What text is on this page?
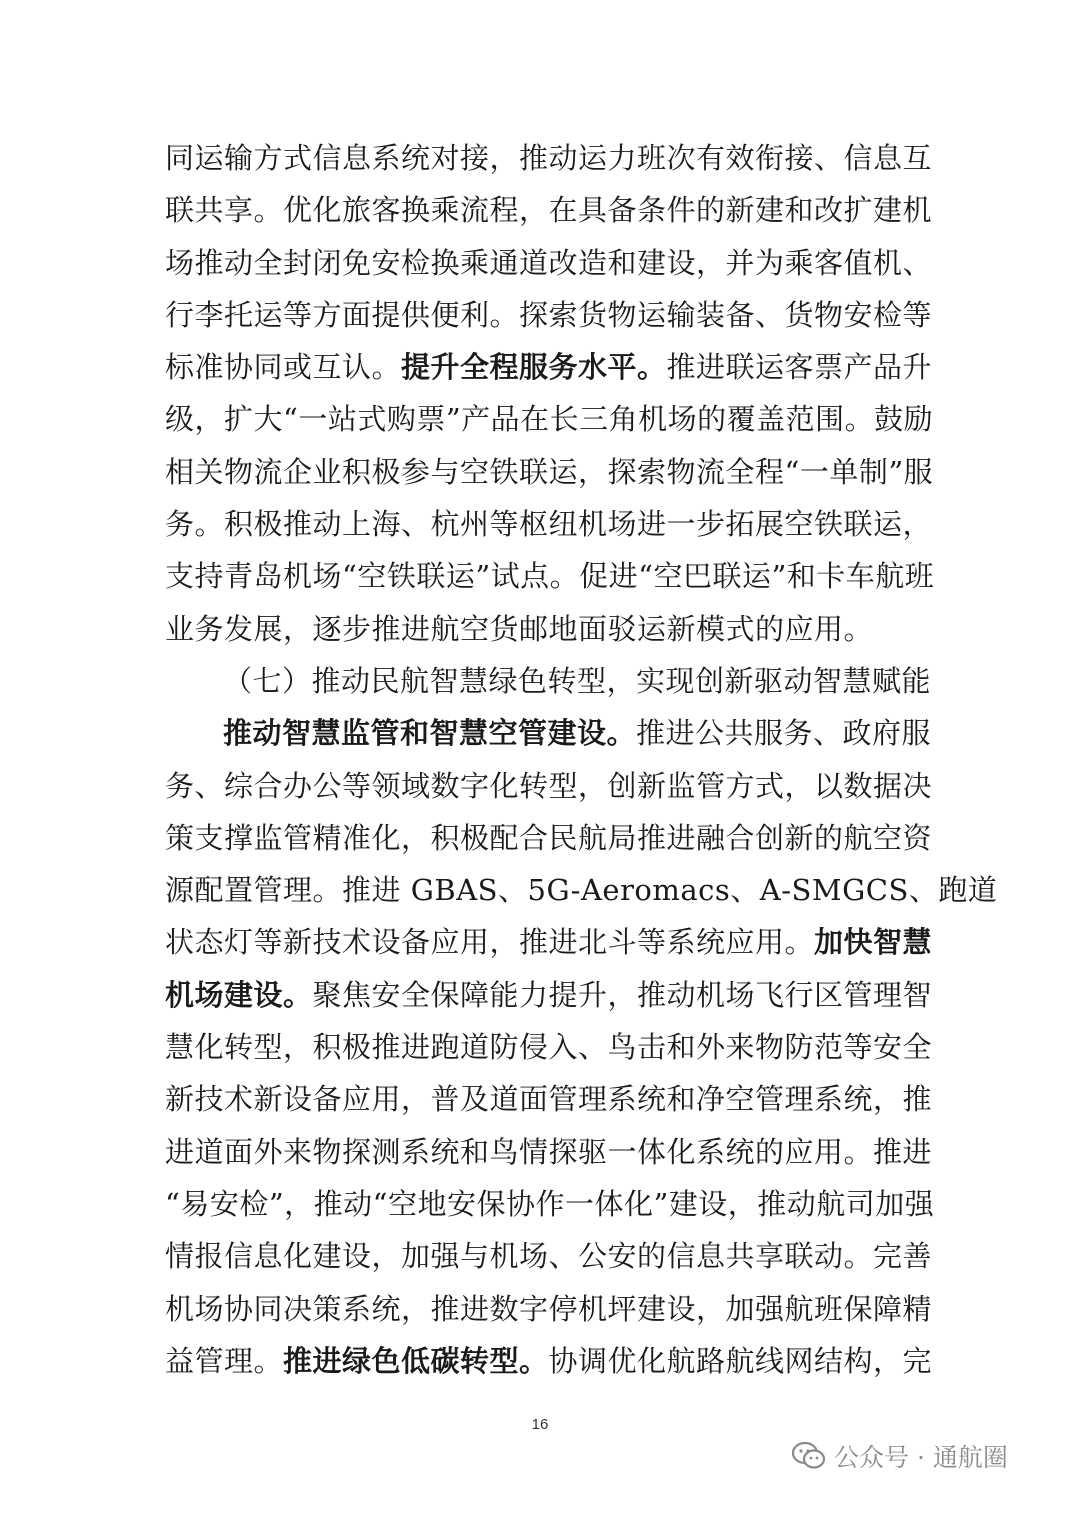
同运输方式信息系统对接，推动运力班次有效衔接、信息互
联共享。优化旅客换乘流程，在具备条件的新建和改扩建机
场推动全封闭免安检换乘通道改造和建设，并为乘客值机、
行李托运等方面提供便利。探索货物运输装备、货物安检等
标准协同或互认。提升全程服务水平。推进联运客票产品升
级，扩大“一站式购票”产品在长三角机场的覆盖范围。鼓励
相关物流企业积极参与空铁联运，探索物流全程“一单制”服
务。积极推动上海、杭州等枢纽机场进一步拓展空铁联运，
支持青岛机场“空铁联运”试点。促进“空巴联运”和卡车航班
业务发展，逐步推进航空货邮地面驳运新模式的应用。
（七）推动民航智慧绿色转型，实现创新驱动智慧赋能
推动智慧监管和智慧空管建设。推进公共服务、政府服
务、综合办公等领域数字化转型，创新监管方式，以数据决
策支撑监管精准化，积极配合民航局推进融合创新的航空资
源配置管理。推进 GBAS、5G-Aeromacs、A-SMGCS、跑道
状态灯等新技术设备应用，推进北斗等系统应用。加快智慧
机场建设。聚焦安全保障能力提升，推动机场飞行区管理智
慧化转型，积极推进跑道防侵入、鸟击和外来物防范等安全
新技术新设备应用，普及道面管理系统和净空管理系统，推
进道面外来物探测系统和鸟情探驱一体化系统的应用。推进
“易安检”，推动“空地安保协作一体化”建设，推动航司加强
情报信息化建设，加强与机场、公安的信息共享联动。完善
机场协同决策系统，推进数字停机坪建设，加强航班保障精
益管理。推进绿色低碳转型。协调优化航路航线网结构，完
16
公众号 · 通航圈
